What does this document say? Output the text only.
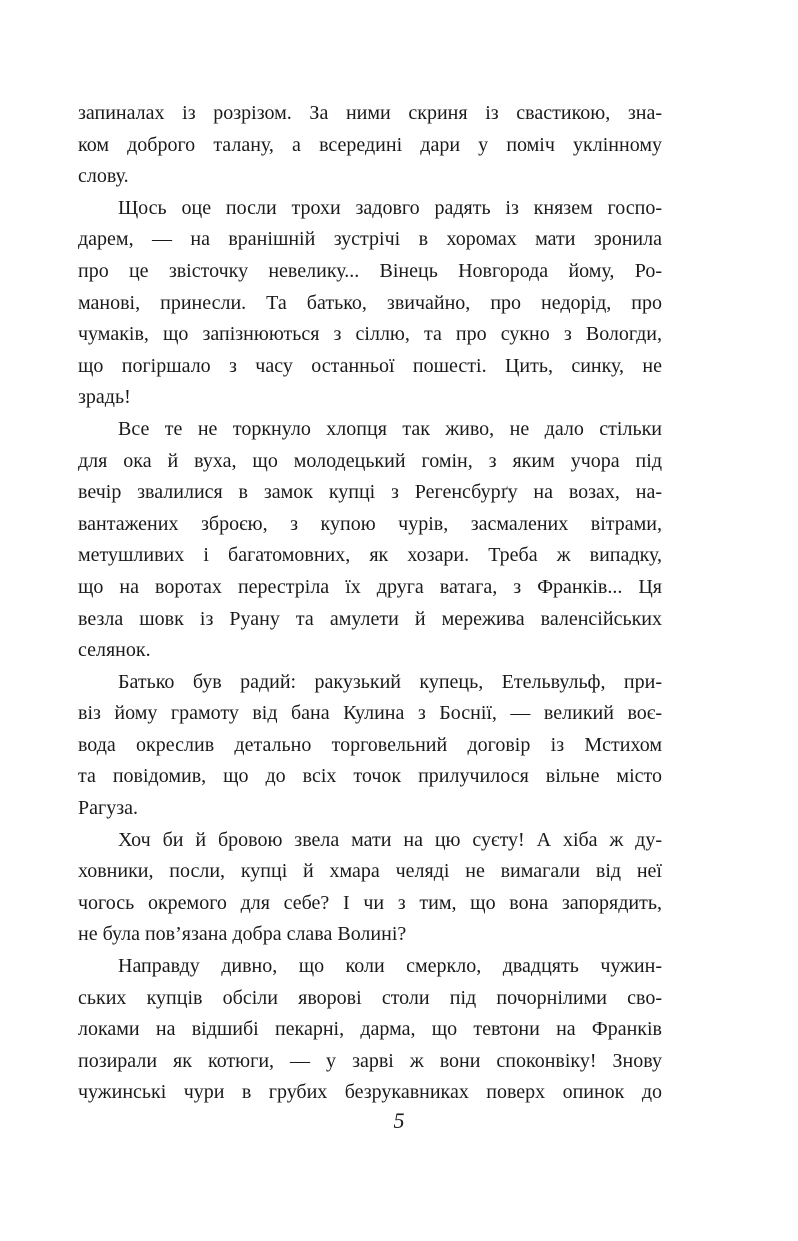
запиналах із розрізом. За ними скриня із свастикою, зна-
ком доброго талану, а всередині дари у поміч уклінному
слову.

Щось оце посли трохи задовго радять із князем госпо-
дарем, — на вранішній зустрічі в хоромах мати зронила
про це звісточку невелику... Вінець Новгорода йому, Ро-
манові, принесли. Та батько, звичайно, про недорід, про
чумаків, що запізнюються з сіллю, та про сукно з Вологди,
що погіршало з часу останньої пошесті. Цить, синку, не
зрадь!

Все те не торкнуло хлопця так живо, не дало стільки
для ока й вуха, що молодецький гомін, з яким учора під
вечір звалилися в замок купці з Регенсбурґу на возах, на-
вантажених зброєю, з купою чурів, засмалених вітрами,
метушливих і багатомовних, як хозари. Треба ж випадку,
що на воротах перестріла їх друга ватага, з Франків... Ця
везла шовк із Руану та амулети й мережива валенсійських
селянок.

Батько був радий: ракузький купець, Етельвульф, при-
віз йому грамоту від бана Кулина з Боснії, — великий воє-
вода окреслив детально торговельний договір із Мстихом
та повідомив, що до всіх точок прилучилося вільне місто
Рагуза.

Хоч би й бровою звела мати на цю суєту! А хіба ж ду-
ховники, посли, купці й хмара челяді не вимагали від неї
чогось окремого для себе? І чи з тим, що вона запорядить,
не була пов’язана добра слава Волині?

Направду дивно, що коли смеркло, двадцять чужин-
ських купців обсіли яворові столи під почорнілими сво-
локами на відшибі пекарні, дарма, що тевтони на Франків
позирали як котюги, — у зарві ж вони споконвіку! Знову
чужинські чури в грубих безрукавниках поверх опинок до

5
